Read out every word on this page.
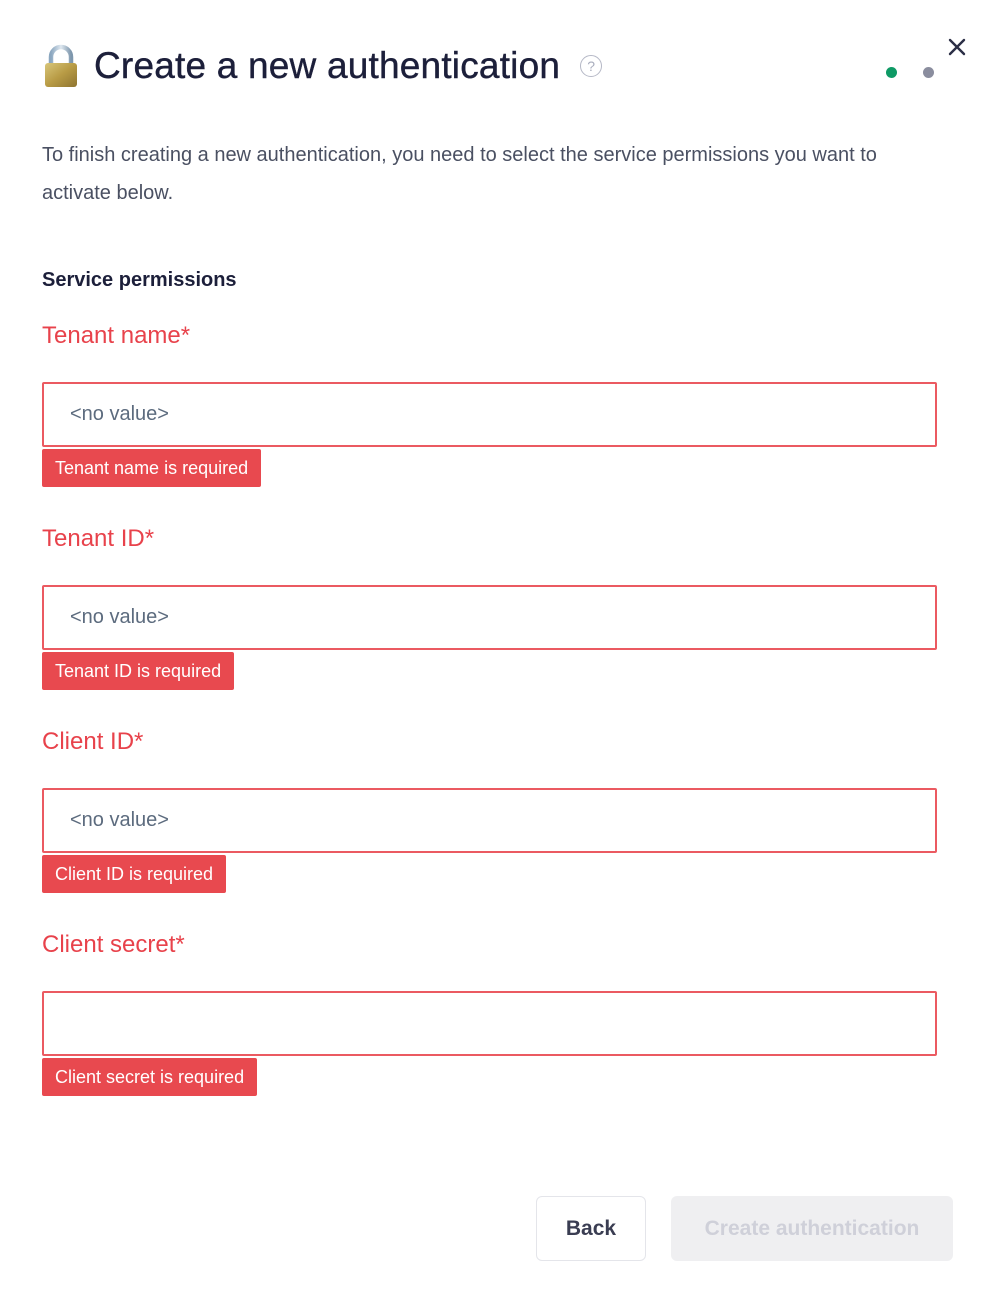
Create a new authentication ?

To finish creating a new authentication, you need to select the service permissions you want to activate below.

Service permissions
Tenant name*
<no value>
Tenant name is required
Tenant ID*
<no value>
Tenant ID is required
Client ID*
<no value>
Client ID is required
Client secret*
Client secret is required
Back	Create authentication
